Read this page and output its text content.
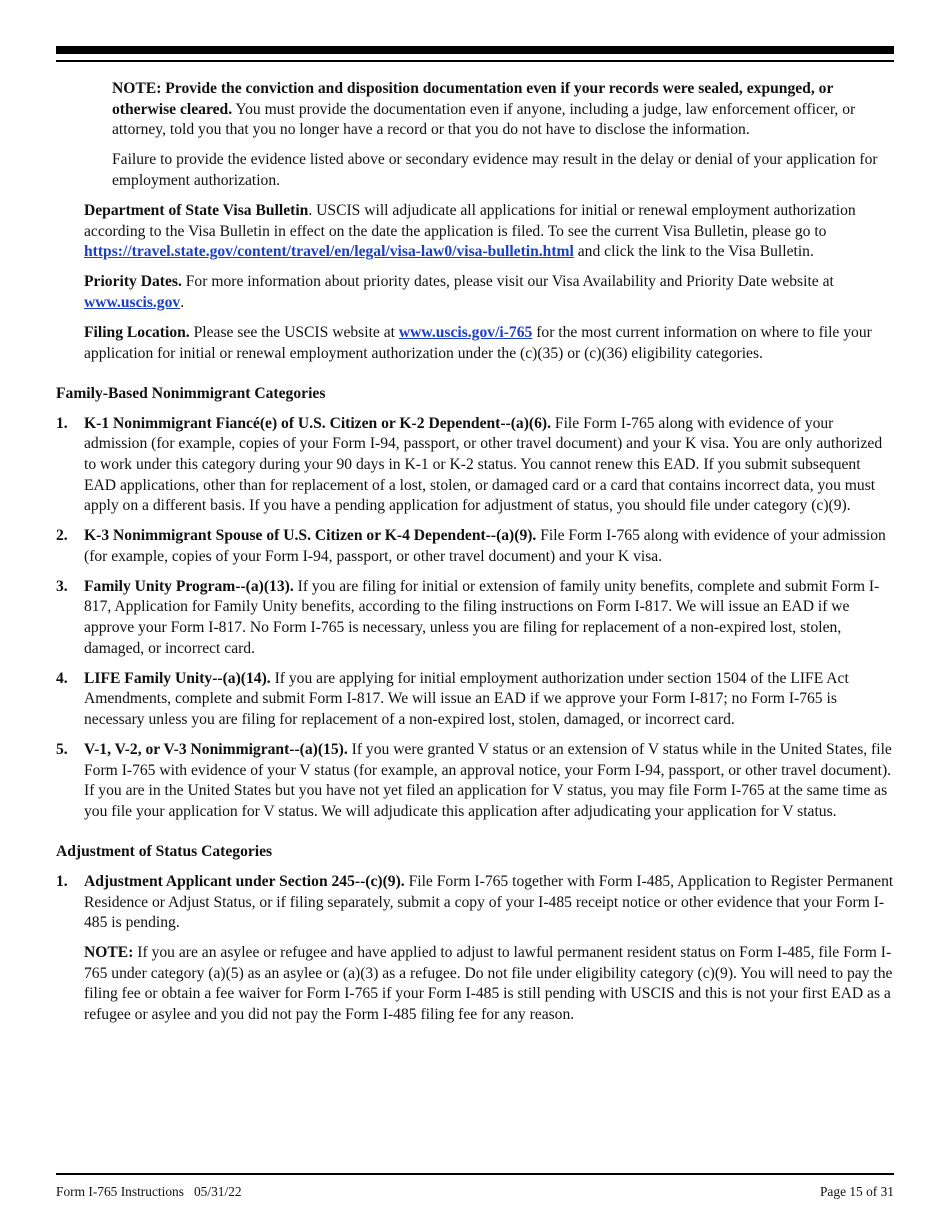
NOTE: Provide the conviction and disposition documentation even if your records were sealed, expunged, or otherwise cleared. You must provide the documentation even if anyone, including a judge, law enforcement officer, or attorney, told you that you no longer have a record or that you do not have to disclose the information.

Failure to provide the evidence listed above or secondary evidence may result in the delay or denial of your application for employment authorization.

Department of State Visa Bulletin. USCIS will adjudicate all applications for initial or renewal employment authorization according to the Visa Bulletin in effect on the date the application is filed. To see the current Visa Bulletin, please go to https://travel.state.gov/content/travel/en/legal/visa-law0/visa-bulletin.html and click the link to the Visa Bulletin.

Priority Dates. For more information about priority dates, please visit our Visa Availability and Priority Date website at www.uscis.gov.

Filing Location. Please see the USCIS website at www.uscis.gov/i-765 for the most current information on where to file your application for initial or renewal employment authorization under the (c)(35) or (c)(36) eligibility categories.

Family-Based Nonimmigrant Categories

1. K-1 Nonimmigrant Fiancé(e) of U.S. Citizen or K-2 Dependent--(a)(6). File Form I-765 along with evidence of your admission (for example, copies of your Form I-94, passport, or other travel document) and your K visa. You are only authorized to work under this category during your 90 days in K-1 or K-2 status. You cannot renew this EAD. If you submit subsequent EAD applications, other than for replacement of a lost, stolen, or damaged card or a card that contains incorrect data, you must apply on a different basis. If you have a pending application for adjustment of status, you should file under category (c)(9).
2. K-3 Nonimmigrant Spouse of U.S. Citizen or K-4 Dependent--(a)(9). File Form I-765 along with evidence of your admission (for example, copies of your Form I-94, passport, or other travel document) and your K visa.
3. Family Unity Program--(a)(13). If you are filing for initial or extension of family unity benefits, complete and submit Form I-817, Application for Family Unity benefits, according to the filing instructions on Form I-817. We will issue an EAD if we approve your Form I-817. No Form I-765 is necessary, unless you are filing for replacement of a non-expired lost, stolen, damaged, or incorrect card.
4. LIFE Family Unity--(a)(14). If you are applying for initial employment authorization under section 1504 of the LIFE Act Amendments, complete and submit Form I-817. We will issue an EAD if we approve your Form I-817; no Form I-765 is necessary unless you are filing for replacement of a non-expired lost, stolen, damaged, or incorrect card.
5. V-1, V-2, or V-3 Nonimmigrant--(a)(15). If you were granted V status or an extension of V status while in the United States, file Form I-765 with evidence of your V status (for example, an approval notice, your Form I-94, passport, or other travel document). If you are in the United States but you have not yet filed an application for V status, you may file Form I-765 at the same time as you file your application for V status. We will adjudicate this application after adjudicating your application for V status.

Adjustment of Status Categories

1. Adjustment Applicant under Section 245--(c)(9). File Form I-765 together with Form I-485, Application to Register Permanent Residence or Adjust Status, or if filing separately, submit a copy of your I-485 receipt notice or other evidence that your Form I-485 is pending.

NOTE: If you are an asylee or refugee and have applied to adjust to lawful permanent resident status on Form I-485, file Form I-765 under category (a)(5) as an asylee or (a)(3) as a refugee. Do not file under eligibility category (c)(9). You will need to pay the filing fee or obtain a fee waiver for Form I-765 if your Form I-485 is still pending with USCIS and this is not your first EAD as a refugee or asylee and you did not pay the Form I-485 filing fee for any reason.

Form I-765 Instructions   05/31/22	Page 15 of 31
